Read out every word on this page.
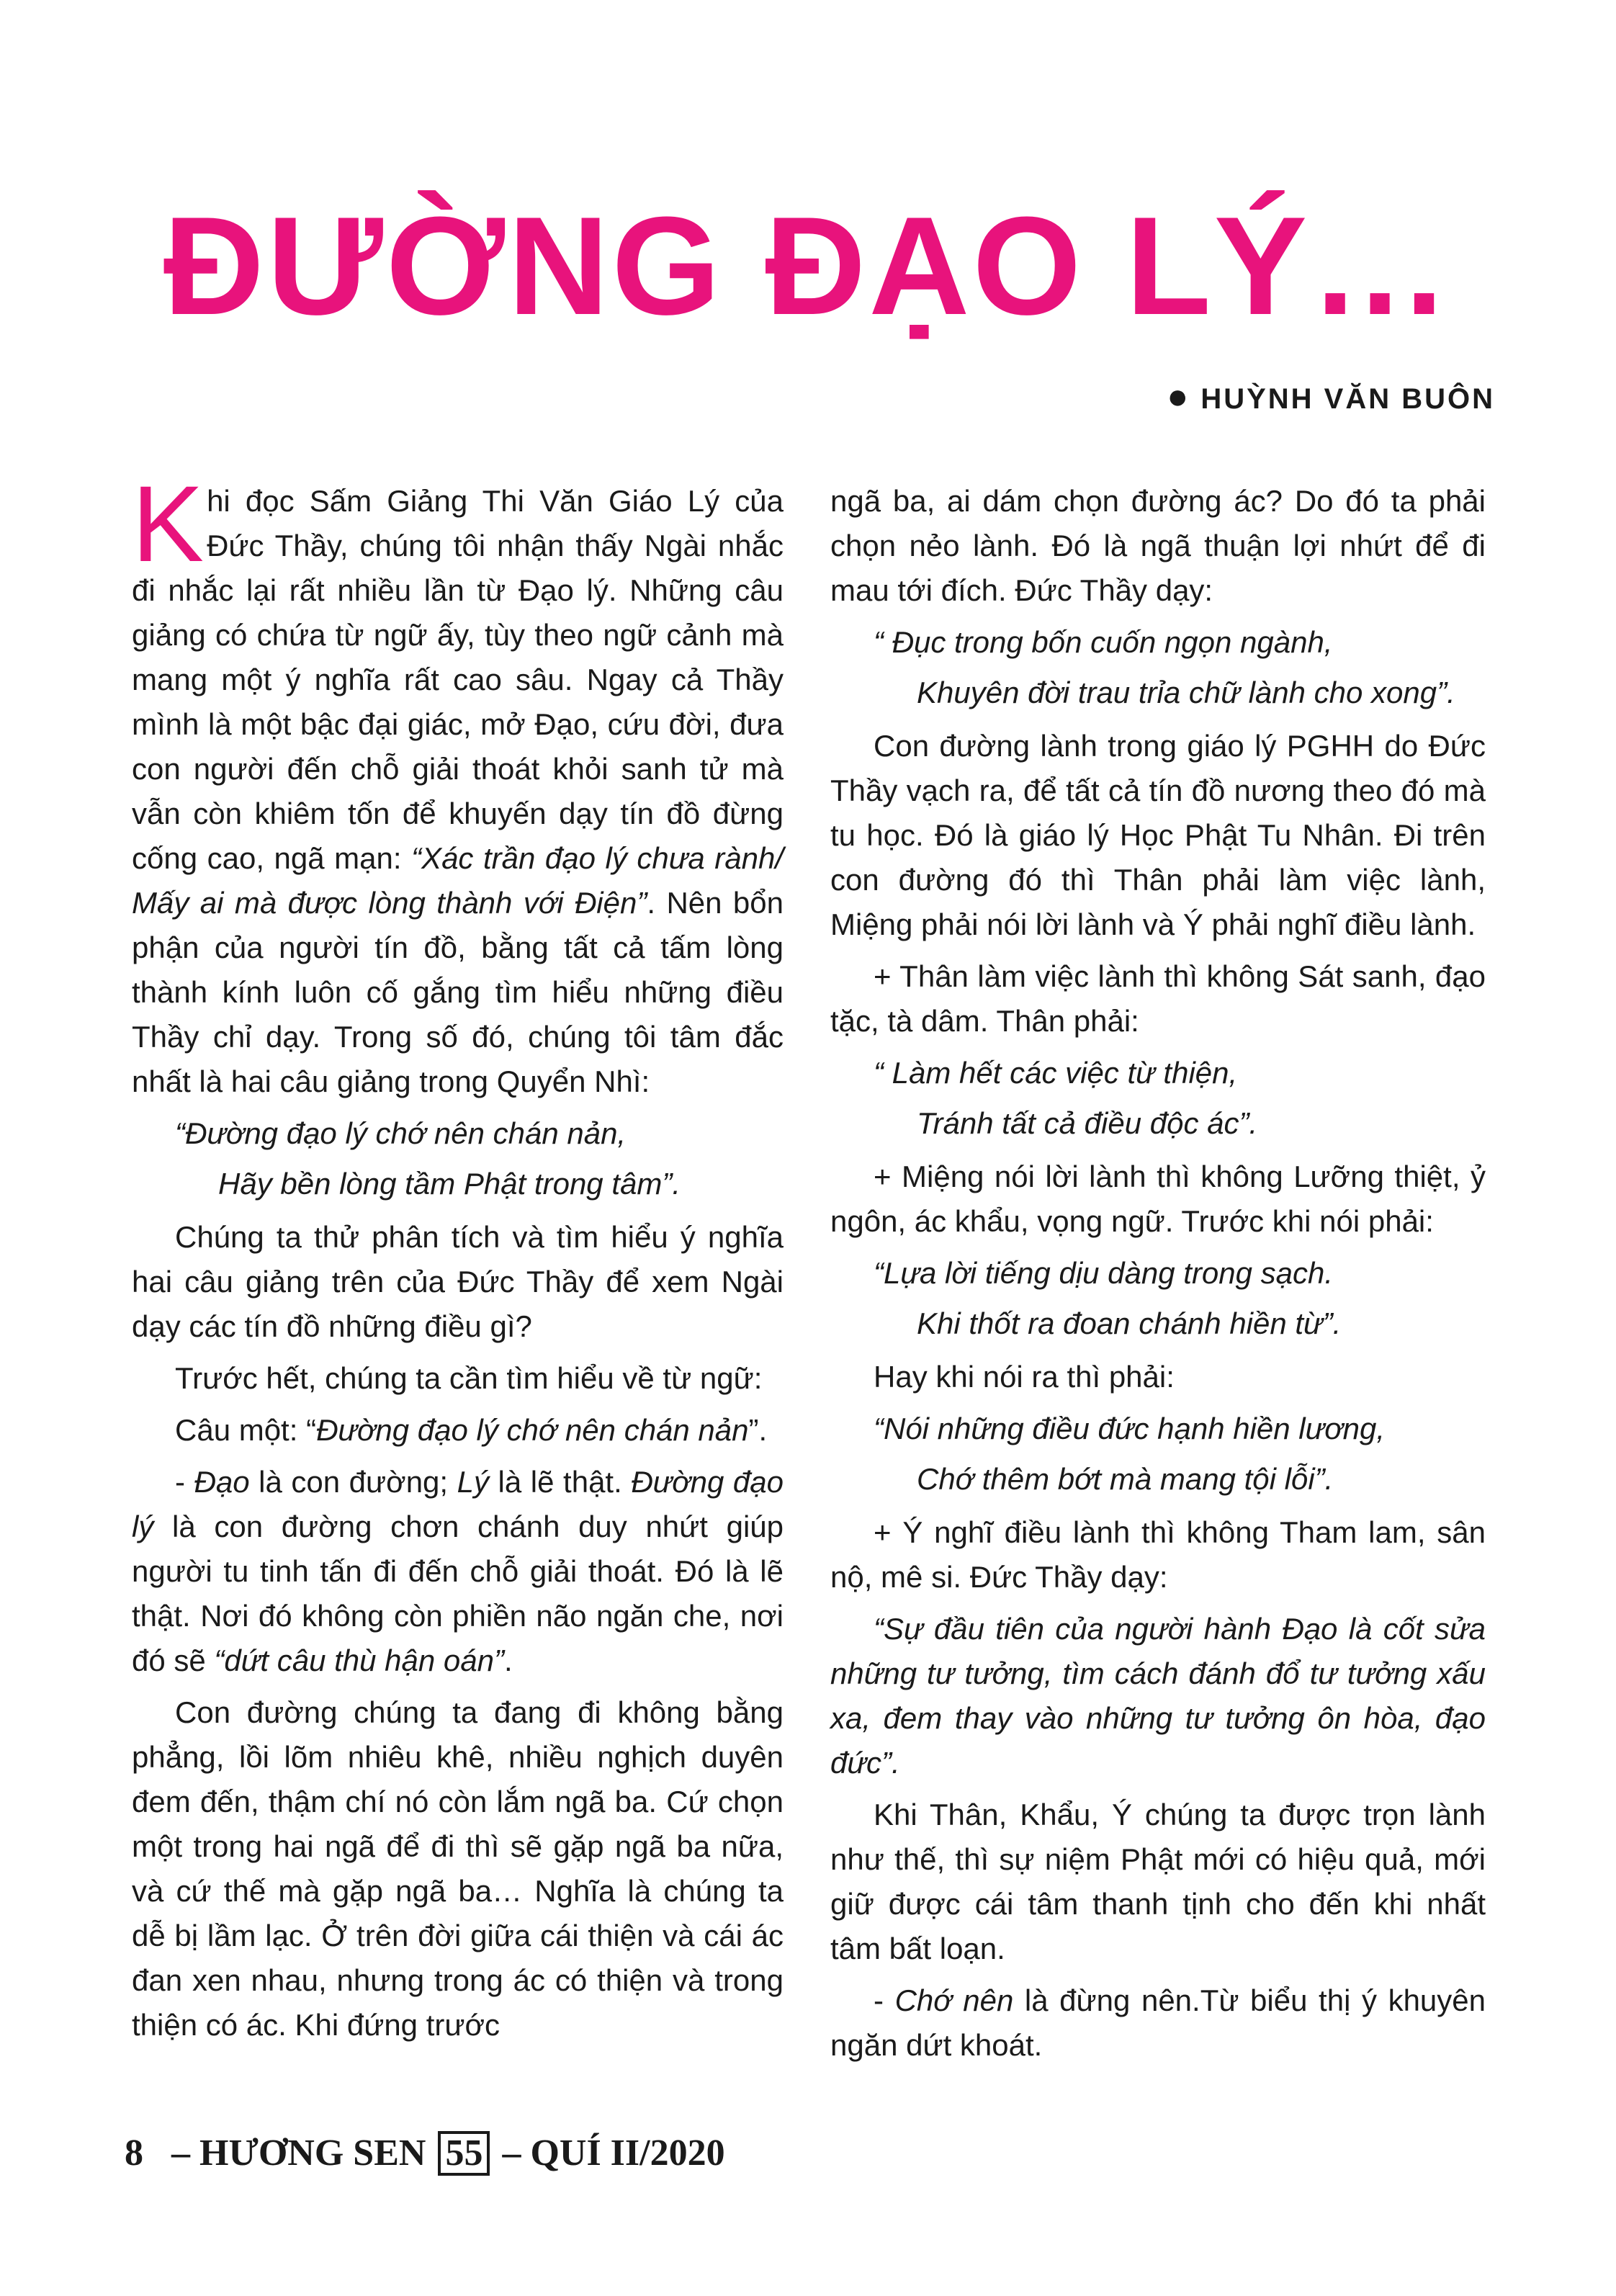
ĐƯỜNG ĐẠO LÝ…
● HUỲNH VĂN BUÔN

Khi đọc Sấm Giảng Thi Văn Giáo Lý của Đức Thầy, chúng tôi nhận thấy Ngài nhắc đi nhắc lại rất nhiều lần từ Đạo lý. Những câu giảng có chứa từ ngữ ấy, tùy theo ngữ cảnh mà mang một ý nghĩa rất cao sâu. Ngay cả Thầy mình là một bậc đại giác, mở Đạo, cứu đời, đưa con người đến chỗ giải thoát khỏi sanh tử mà vẫn còn khiêm tốn để khuyến dạy tín đồ đừng cống cao, ngã mạn: “Xác trần đạo lý chưa rành/ Mấy ai mà được lòng thành với Điện”. Nên bổn phận của người tín đồ, bằng tất cả tấm lòng thành kính luôn cố gắng tìm hiểu những điều Thầy chỉ dạy. Trong số đó, chúng tôi tâm đắc nhất là hai câu giảng trong Quyển Nhì:

“Đường đạo lý chớ nên chán nản,

Hãy bền lòng tầm Phật trong tâm”.

Chúng ta thử phân tích và tìm hiểu ý nghĩa hai câu giảng trên của Đức Thầy để xem Ngài dạy các tín đồ những điều gì?

Trước hết, chúng ta cần tìm hiểu về từ ngữ:

Câu một: “Đường đạo lý chớ nên chán nản”.

- Đạo là con đường; Lý là lẽ thật. Đường đạo lý là con đường chơn chánh duy nhứt giúp người tu tinh tấn đi đến chỗ giải thoát. Đó là lẽ thật. Nơi đó không còn phiền não ngăn che, nơi đó sẽ “dứt câu thù hận oán”.

Con đường chúng ta đang đi không bằng phẳng, lồi lõm nhiêu khê, nhiều nghịch duyên đem đến, thậm chí nó còn lắm ngã ba. Cứ chọn một trong hai ngã để đi thì sẽ gặp ngã ba nữa, và cứ thế mà gặp ngã ba… Nghĩa là chúng ta dễ bị lầm lạc. Ở trên đời giữa cái thiện và cái ác đan xen nhau, nhưng trong ác có thiện và trong thiện có ác. Khi đứng trước

ngã ba, ai dám chọn đường ác? Do đó ta phải chọn nẻo lành. Đó là ngã thuận lợi nhứt để đi mau tới đích. Đức Thầy dạy:

“ Đục trong bốn cuốn ngọn ngành,

Khuyên đời trau trỉa chữ lành cho xong”.

Con đường lành trong giáo lý PGHH do Đức Thầy vạch ra, để tất cả tín đồ nương theo đó mà tu học. Đó là giáo lý Học Phật Tu Nhân. Đi trên con đường đó thì Thân phải làm việc lành, Miệng phải nói lời lành và Ý phải nghĩ điều lành.

+ Thân làm việc lành thì không Sát sanh, đạo tặc, tà dâm. Thân phải:

“ Làm hết các việc từ thiện,

Tránh tất cả điều độc ác”.

+ Miệng nói lời lành thì không Lưỡng thiệt, ỷ ngôn, ác khẩu, vọng ngữ. Trước khi nói phải:

“Lựa lời tiếng dịu dàng trong sạch.

Khi thốt ra đoan chánh hiền từ”.

Hay khi nói ra thì phải:

“Nói những điều đức hạnh hiền lương,

Chớ thêm bớt mà mang tội lỗi”.

+ Ý nghĩ điều lành thì không Tham lam, sân nộ, mê si. Đức Thầy dạy:

“Sự đầu tiên của người hành Đạo là cốt sửa những tư tưởng, tìm cách đánh đổ tư tưởng xấu xa, đem thay vào những tư tưởng ôn hòa, đạo đức”.

Khi Thân, Khẩu, Ý chúng ta được trọn lành như thế, thì sự niệm Phật mới có hiệu quả, mới giữ được cái tâm thanh tịnh cho đến khi nhất tâm bất loạn.

- Chớ nên là đừng nên.Từ biểu thị ý khuyên ngăn dứt khoát.

8 – HƯƠNG SEN 55 – QUÍ II/2020
